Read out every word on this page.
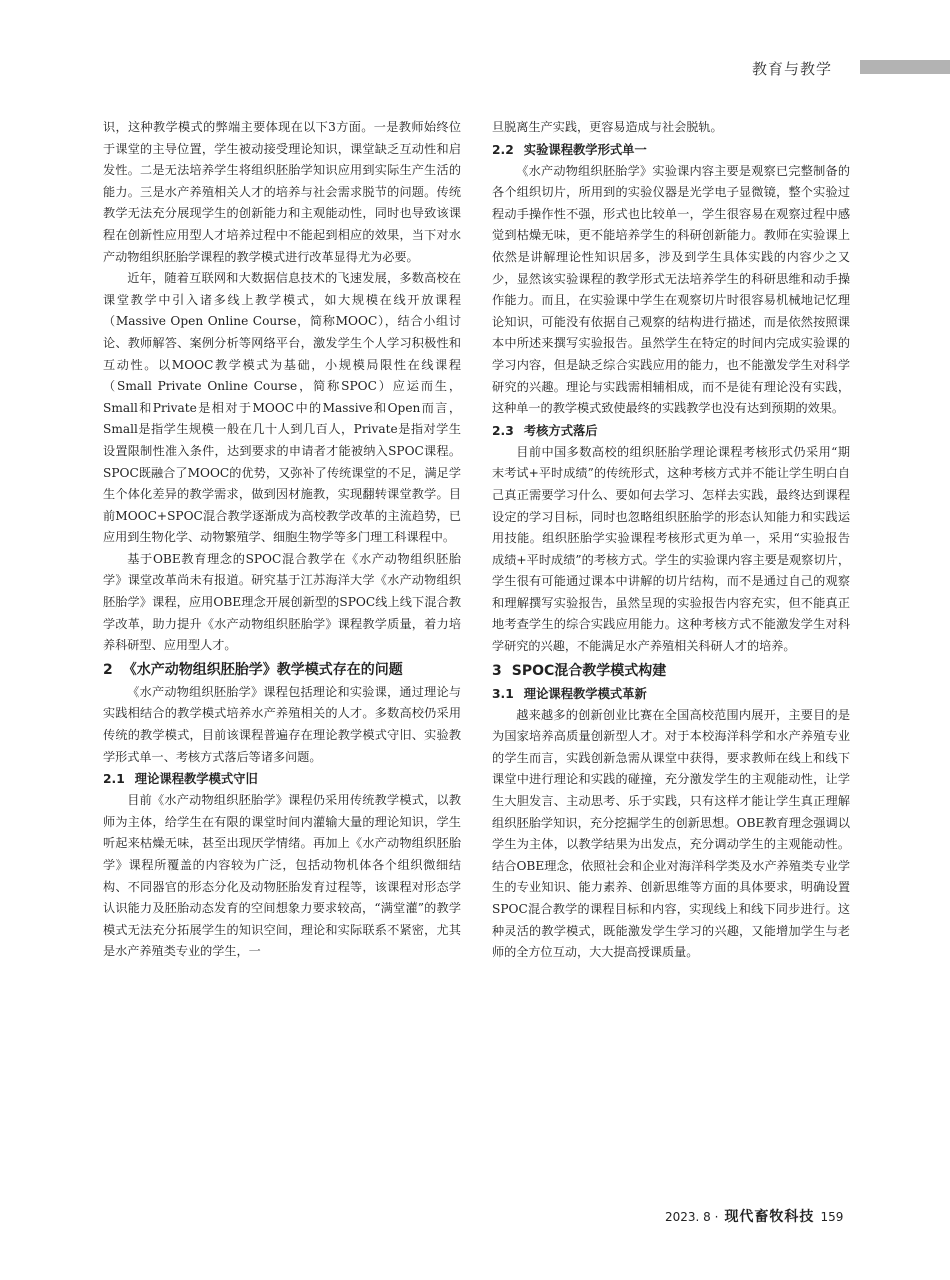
教育与教学

识，这种教学模式的弊端主要体现在以下3方面。一是教师始终位于课堂的主导位置，学生被动接受理论知识，课堂缺乏互动性和启发性。二是无法培养学生将组织胚胎学知识应用到实际生产生活的能力。三是水产养殖相关人才的培养与社会需求脱节的问题。传统教学无法充分展现学生的创新能力和主观能动性，同时也导致该课程在创新性应用型人才培养过程中不能起到相应的效果，当下对水产动物组织胚胎学课程的教学模式进行改革显得尤为必要。

近年，随着互联网和大数据信息技术的飞速发展，多数高校在课堂教学中引入诸多线上教学模式，如大规模在线开放课程（Massive Open Online Course，简称MOOC），结合小组讨论、教师解答、案例分析等网络平台，激发学生个人学习积极性和互动性。以MOOC教学模式为基础，小规模局限性在线课程（Small Private Online Course，简称SPOC）应运而生，Small和Private是相对于MOOC中的Massive和Open而言，Small是指学生规模一般在几十人到几百人，Private是指对学生设置限制性准入条件，达到要求的申请者才能被纳入SPOC课程。SPOC既融合了MOOC的优势，又弥补了传统课堂的不足，满足学生个体化差异的教学需求，做到因材施教，实现翻转课堂教学。目前MOOC+SPOC混合教学逐渐成为高校教学改革的主流趋势，已应用到生物化学、动物繁殖学、细胞生物学等多门理工科课程中。

基于OBE教育理念的SPOC混合教学在《水产动物组织胚胎学》课堂改革尚未有报道。研究基于江苏海洋大学《水产动物组织胚胎学》课程，应用OBE理念开展创新型的SPOC线上线下混合教学改革，助力提升《水产动物组织胚胎学》课程教学质量，着力培养科研型、应用型人才。

2 《水产动物组织胚胎学》教学模式存在的问题

《水产动物组织胚胎学》课程包括理论和实验课，通过理论与实践相结合的教学模式培养水产养殖相关的人才。多数高校仍采用传统的教学模式，目前该课程普遍存在理论教学模式守旧、实验教学形式单一、考核方式落后等诸多问题。

2.1 理论课程教学模式守旧

目前《水产动物组织胚胎学》课程仍采用传统教学模式，以教师为主体，给学生在有限的课堂时间内灌输大量的理论知识，学生听起来枯燥无味，甚至出现厌学情绪。再加上《水产动物组织胚胎学》课程所覆盖的内容较为广泛，包括动物机体各个组织微细结构、不同器官的形态分化及动物胚胎发育过程等，该课程对形态学认识能力及胚胎动态发育的空间想象力要求较高，“满堂灌”的教学模式无法充分拓展学生的知识空间，理论和实际联系不紧密，尤其是水产养殖类专业的学生，一

旦脱离生产实践，更容易造成与社会脱轨。

2.2 实验课程教学形式单一

《水产动物组织胚胎学》实验课内容主要是观察已完整制备的各个组织切片，所用到的实验仪器是光学电子显微镜，整个实验过程动手操作性不强，形式也比较单一，学生很容易在观察过程中感觉到枯燥无味，更不能培养学生的科研创新能力。教师在实验课上依然是讲解理论性知识居多，涉及到学生具体实践的内容少之又少，显然该实验课程的教学形式无法培养学生的科研思维和动手操作能力。而且，在实验课中学生在观察切片时很容易机械地记忆理论知识，可能没有依据自己观察的结构进行描述，而是依然按照课本中所述来撰写实验报告。虽然学生在特定的时间内完成实验课的学习内容，但是缺乏综合实践应用的能力，也不能激发学生对科学研究的兴趣。理论与实践需相辅相成，而不是徒有理论没有实践，这种单一的教学模式致使最终的实践教学也没有达到预期的效果。

2.3 考核方式落后

目前中国多数高校的组织胚胎学理论课程考核形式仍采用“期末考试+平时成绩”的传统形式，这种考核方式并不能让学生明白自己真正需要学习什么、要如何去学习、怎样去实践，最终达到课程设定的学习目标，同时也忽略组织胚胎学的形态认知能力和实践运用技能。组织胚胎学实验课程考核形式更为单一，采用“实验报告成绩+平时成绩”的考核方式。学生的实验课内容主要是观察切片，学生很有可能通过课本中讲解的切片结构，而不是通过自己的观察和理解撰写实验报告，虽然呈现的实验报告内容充实，但不能真正地考查学生的综合实践应用能力。这种考核方式不能激发学生对科学研究的兴趣，不能满足水产养殖相关科研人才的培养。

3 SPOC混合教学模式构建
3.1 理论课程教学模式革新

越来越多的创新创业比赛在全国高校范围内展开，主要目的是为国家培养高质量创新型人才。对于本校海洋科学和水产养殖专业的学生而言，实践创新急需从课堂中获得，要求教师在线上和线下课堂中进行理论和实践的碰撞，充分激发学生的主观能动性，让学生大胆发言、主动思考、乐于实践，只有这样才能让学生真正理解组织胚胎学知识，充分挖掘学生的创新思想。OBE教育理念强调以学生为主体，以教学结果为出发点，充分调动学生的主观能动性。结合OBE理念，依照社会和企业对海洋科学类及水产养殖类专业学生的专业知识、能力素养、创新思维等方面的具体要求，明确设置SPOC混合教学的课程目标和内容，实现线上和线下同步进行。这种灵活的教学模式，既能激发学生学习的兴趣，又能增加学生与老师的全方位互动，大大提高授课质量。

2023. 8 · 现代畜牧科技 159
